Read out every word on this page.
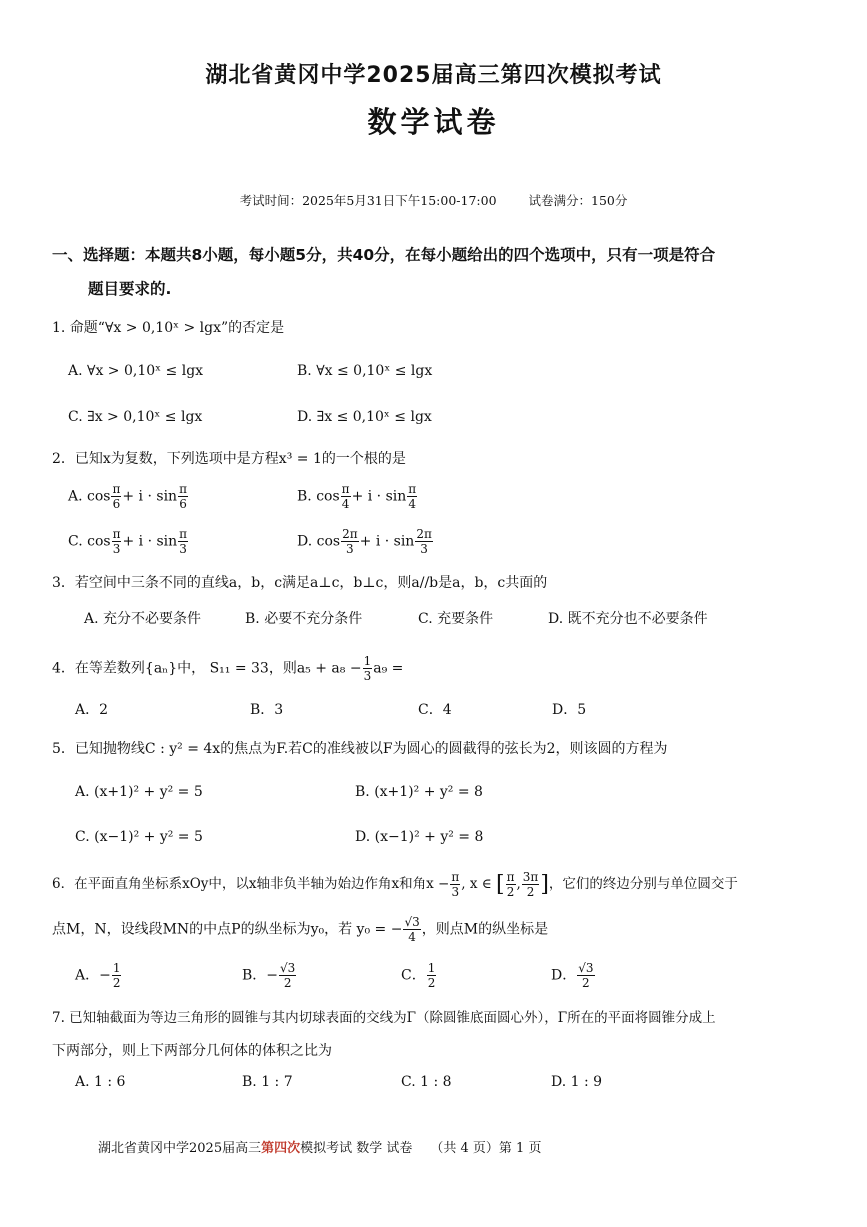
湖北省黄冈中学2025届高三第四次模拟考试
数学试卷
考试时间：2025年5月31日下午15:00-17:00	试卷满分：150分
一、选择题：本题共8小题，每小题5分，共40分，在每小题给出的四个选项中，只有一项是符合
题目要求的.
1. 命题“∀x > 0,10ˣ > lgx”的否定是
A. ∀x > 0,10ˣ ≤ lgx	B. ∀x ≤ 0,10ˣ ≤ lgx
C. ∃x > 0,10ˣ ≤ lgx	D. ∃x ≤ 0,10ˣ ≤ lgx
2．已知x为复数，下列选项中是方程x³ = 1的一个根的是
A. $\cos \frac{\pi}{6} + i \cdot \sin \frac{\pi}{6}$	B. $\cos \frac{\pi}{4} + i \cdot \sin \frac{\pi}{4}$
C. $\cos \frac{\pi}{3} + i \cdot \sin \frac{\pi}{3}$	D. $\cos \frac{2\pi}{3} + i \cdot \sin \frac{2\pi}{3}$
3．若空间中三条不同的直线a，b，c满足a⊥c，b⊥c，则a//b是a，b，c共面的
A. 充分不必要条件	B. 必要不充分条件	C. 充要条件	D. 既不充分也不必要条件
4．在等差数列{aₙ}中， S₁₁ = 33，则$a_5 + a_8 - \frac{1}{3} a_9$ =
A．2	B．3	C．4	D．5
5．已知抛物线C : y² = 4x的焦点为F.若C的准线被以F为圆心的圆截得的弦长为2，则该圆的方程为
A. (x+1)² + y² = 5	B. (x+1)² + y² = 8
C. (x−1)² + y² = 5	D. (x−1)² + y² = 8
6．在平面直角坐标系xOy中，以x轴非负半轴为始边作角x和角$x - \frac{\pi}{3}$ , x ∈ [ $\frac{\pi}{2}$ , $\frac{3\pi}{2}$ ]，它们的终边分别与单位圆交于
点M，N，设线段MN的中点P的纵坐标为y₀，若 y₀ = − $\frac{√3}{4}$ ，则点M的纵坐标是
A．− $\frac{1}{2}$	B．− $\frac{√3}{2}$	C． $\frac{1}{2}$	D． $\frac{√3}{2}$
7. 已知轴截面为等边三角形的圆锥与其内切球表面的交线为Γ（除圆锥底面圆心外），Γ所在的平面将圆锥分成上
下两部分，则上下两部分几何体的体积之比为
A. 1 : 6	B. 1 : 7	C. 1 : 8	D. 1 : 9
湖北省黄冈中学2025届高三第四次模拟考试 数学 试卷 （共 4 页）第 1 页
